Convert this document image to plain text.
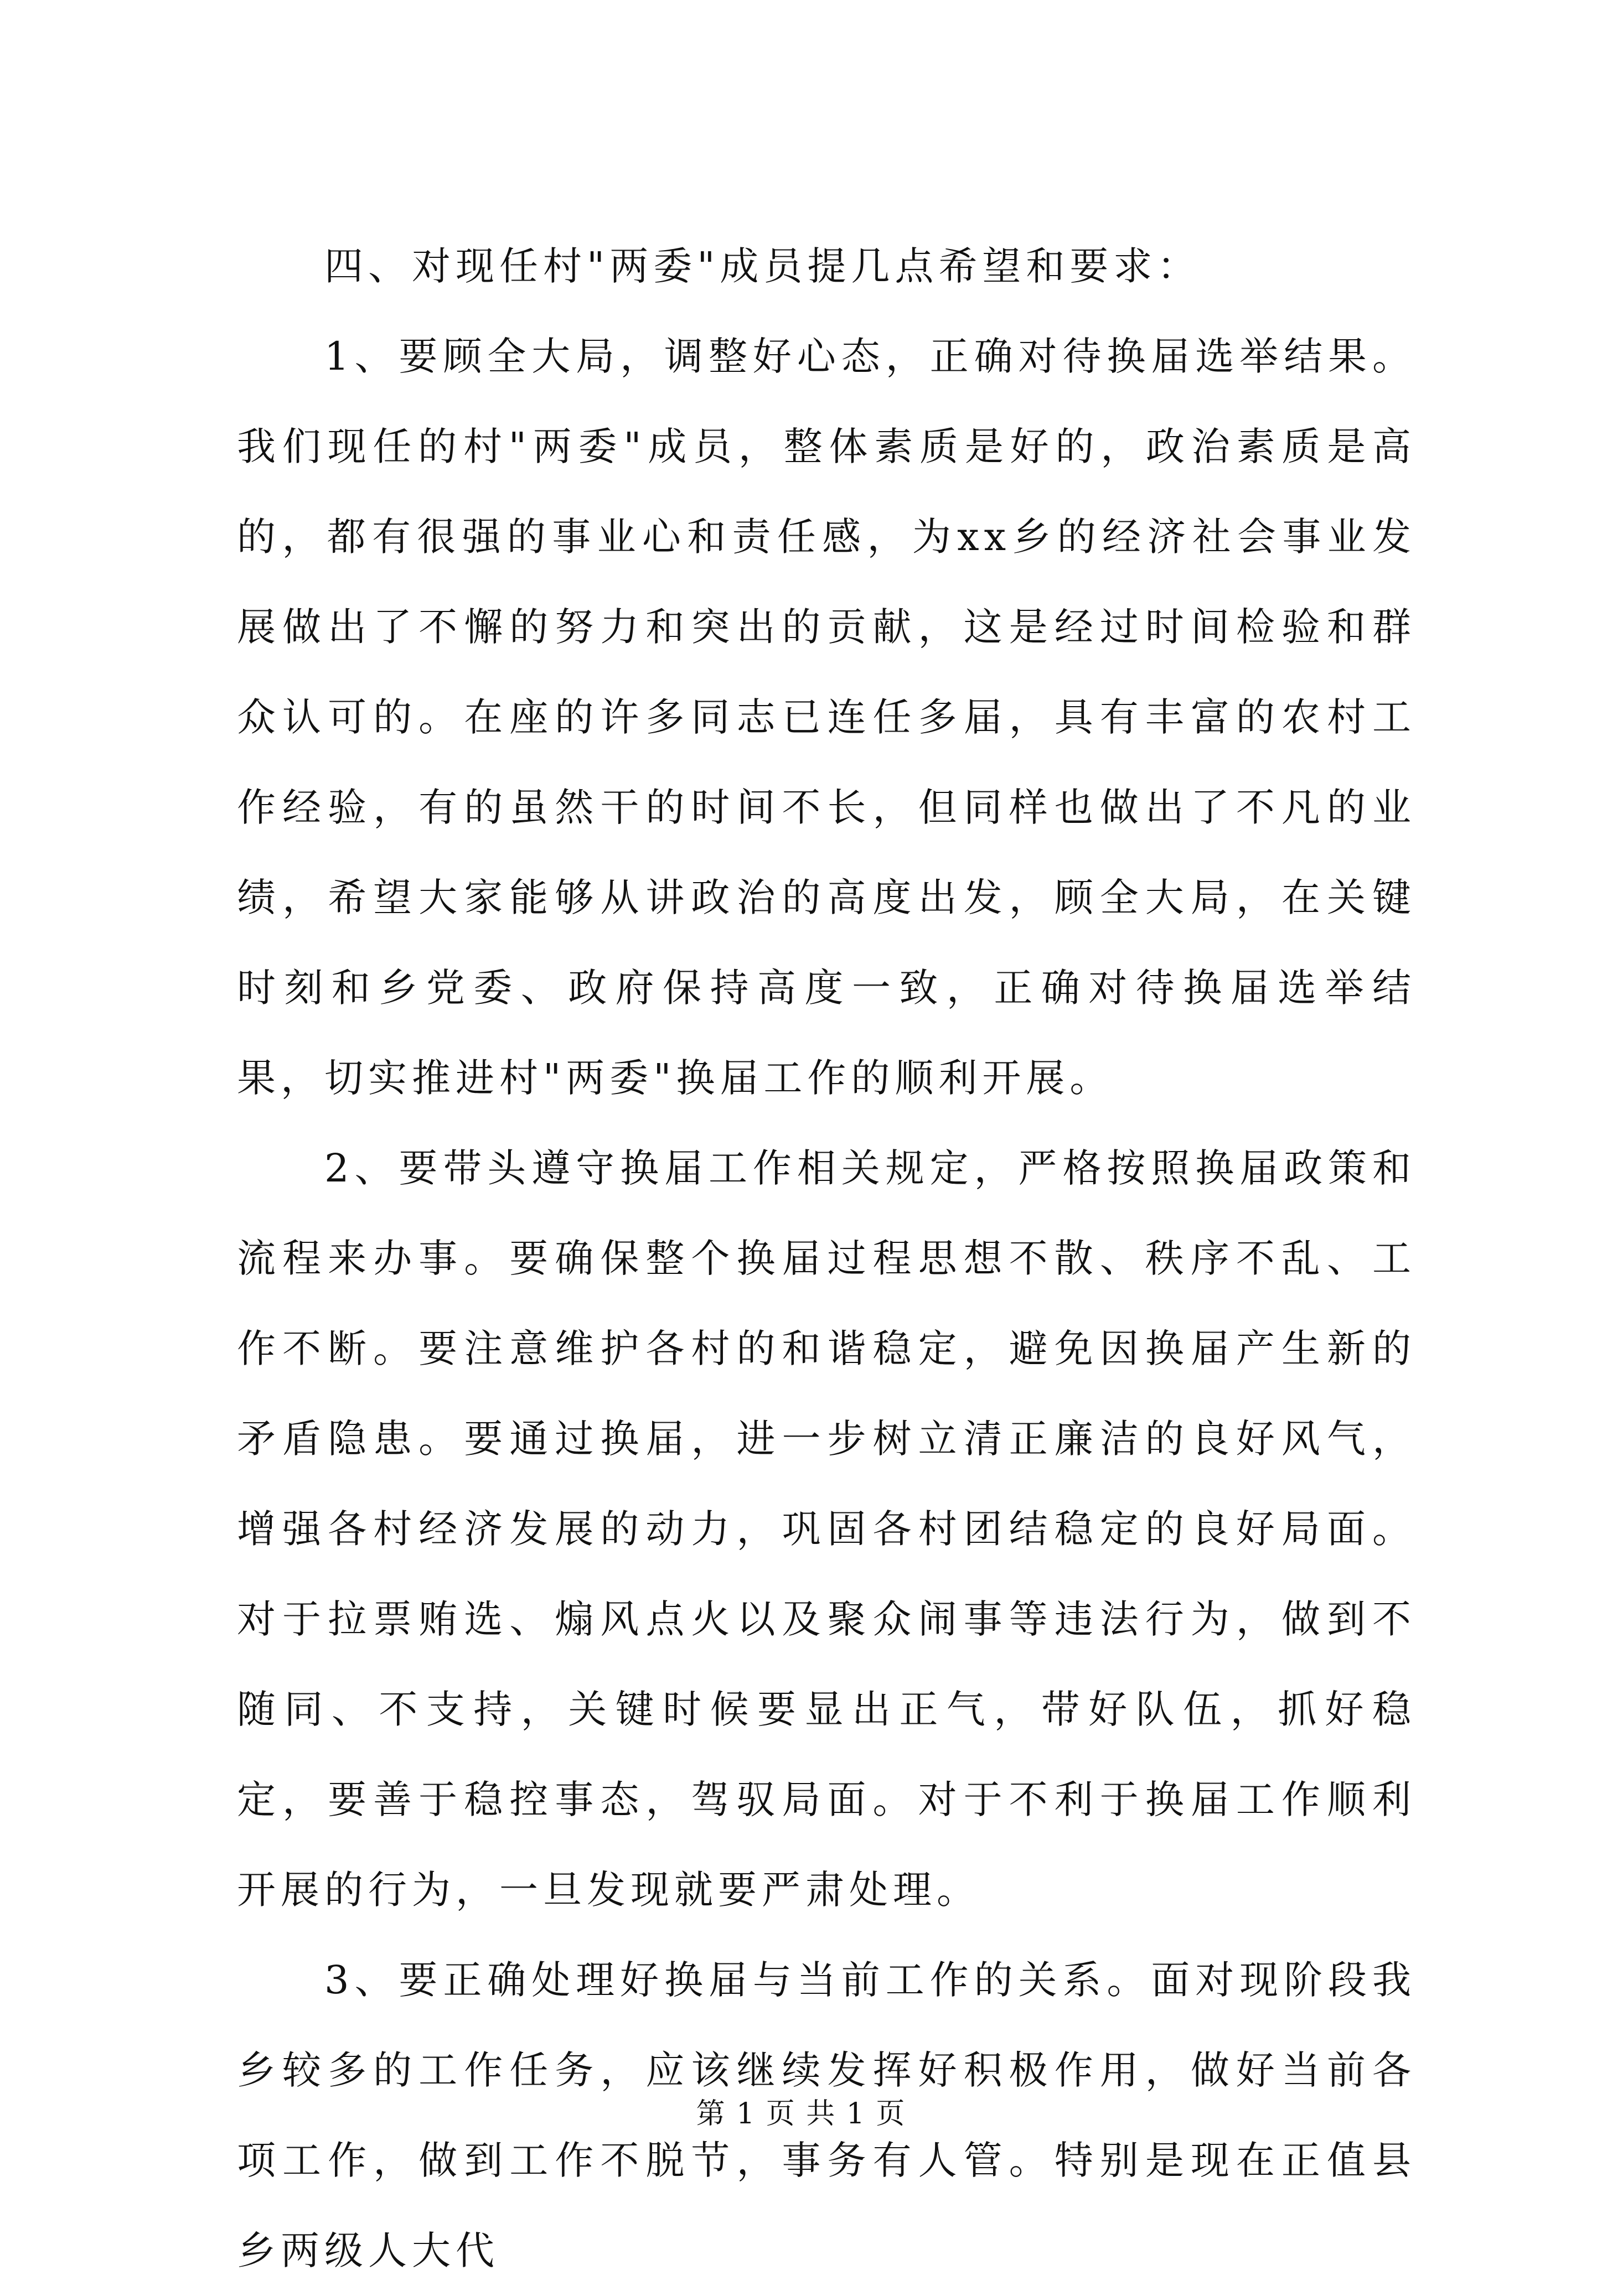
四、对现任村"两委"成员提几点希望和要求：

1、要顾全大局，调整好心态，正确对待换届选举结果。我们现任的村"两委"成员，整体素质是好的，政治素质是高的，都有很强的事业心和责任感，为xx乡的经济社会事业发展做出了不懈的努力和突出的贡献，这是经过时间检验和群众认可的。在座的许多同志已连任多届，具有丰富的农村工作经验，有的虽然干的时间不长，但同样也做出了不凡的业绩，希望大家能够从讲政治的高度出发，顾全大局，在关键时刻和乡党委、政府保持高度一致，正确对待换届选举结果，切实推进村"两委"换届工作的顺利开展。

2、要带头遵守换届工作相关规定，严格按照换届政策和流程来办事。要确保整个换届过程思想不散、秩序不乱、工作不断。要注意维护各村的和谐稳定，避免因换届产生新的矛盾隐患。要通过换届，进一步树立清正廉洁的良好风气，增强各村经济发展的动力，巩固各村团结稳定的良好局面。对于拉票贿选、煽风点火以及聚众闹事等违法行为，做到不随同、不支持，关键时候要显出正气，带好队伍，抓好稳定，要善于稳控事态，驾驭局面。对于不利于换届工作顺利开展的行为，一旦发现就要严肃处理。

3、要正确处理好换届与当前工作的关系。面对现阶段我乡较多的工作任务，应该继续发挥好积极作用，做好当前各项工作，做到工作不脱节，事务有人管。特别是现在正值县乡两级人大代

第 1 页 共 1 页
